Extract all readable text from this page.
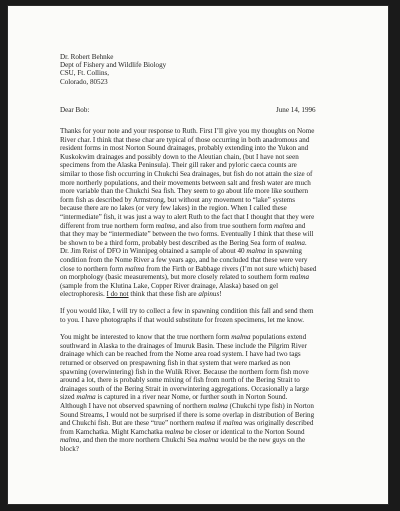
Dr. Robert Behnke
Dept of Fishery and Wildlife Biology
CSU, Ft. Collins,
Colorado, 80523
Dear Bob:	June 14, 1996
Thanks for your note and your response to Ruth. First I’ll give you my thoughts on Nome
River char. I think that these char are typical of those occurring in both anadromous and
resident forms in most Norton Sound drainages, probably extending into the Yukon and
Kuskokwim drainages and possibly down to the Aleutian chain, (but I have not seen
specimens from the Alaska Peninsula). Their gill raker and pyloric caeca counts are
similar to those fish occurring in Chukchi Sea drainages, but fish do not attain the size of
more northerly populations, and their movements between salt and fresh water are much
more variable than the Chukchi Sea fish. They seem to go about life more like southern
form fish as described by Armstrong, but without any movement to “lake” systems
because there are no lakes (or very few lakes) in the region. When I called these
“intermediate” fish, it was just a way to alert Ruth to the fact that I thought that they were
different from true northern form malma, and also from true southern form malma and
that they may be “intermediate” between the two forms. Eventually I think that these will
be shown to be a third form, probably best described as the Bering Sea form of malma.
Dr. Jim Reist of DFO in Winnipeg obtained a sample of about 40 malma in spawning
condition from the Nome River a few years ago, and he concluded that these were very
close to northern form malma from the Firth or Babbage rivers (I’m not sure which) based
on morphology (basic measurements), but more closely related to southern form malma
(sample from the Klutina Lake, Copper River drainage, Alaska) based on gel
electrophoresis. I do not think that these fish are alpinus!
If you would like, I will try to collect a few in spawning condition this fall and send them
to you. I have photographs if that would substitute for frozen specimens, let me know.
You might be interested to know that the true northern form malma populations extend
southward in Alaska to the drainages of Imuruk Basin. These include the Pilgrim River
drainage which can be reached from the Nome area road system. I have had two tags
returned or observed on prespawning fish in that system that were marked as non
spawning (overwintering) fish in the Wulik River. Because the northern form fish move
around a lot, there is probably some mixing of fish from north of the Bering Strait to
drainages south of the Bering Strait in overwintering aggregations. Occasionally a large
sized malma is captured in a river near Nome, or further south in Norton Sound.
Although I have not observed spawning of northern malma (Chukchi type fish) in Norton
Sound Streams, I would not be surprised if there is some overlap in distribution of Bering
and Chukchi fish. But are these “true” northern malma if malma was originally described
from Kamchatka. Might Kamchatka malma be closer or identical to the Norton Sound
malma, and then the more northern Chukchi Sea malma would be the new guys on the
block?
